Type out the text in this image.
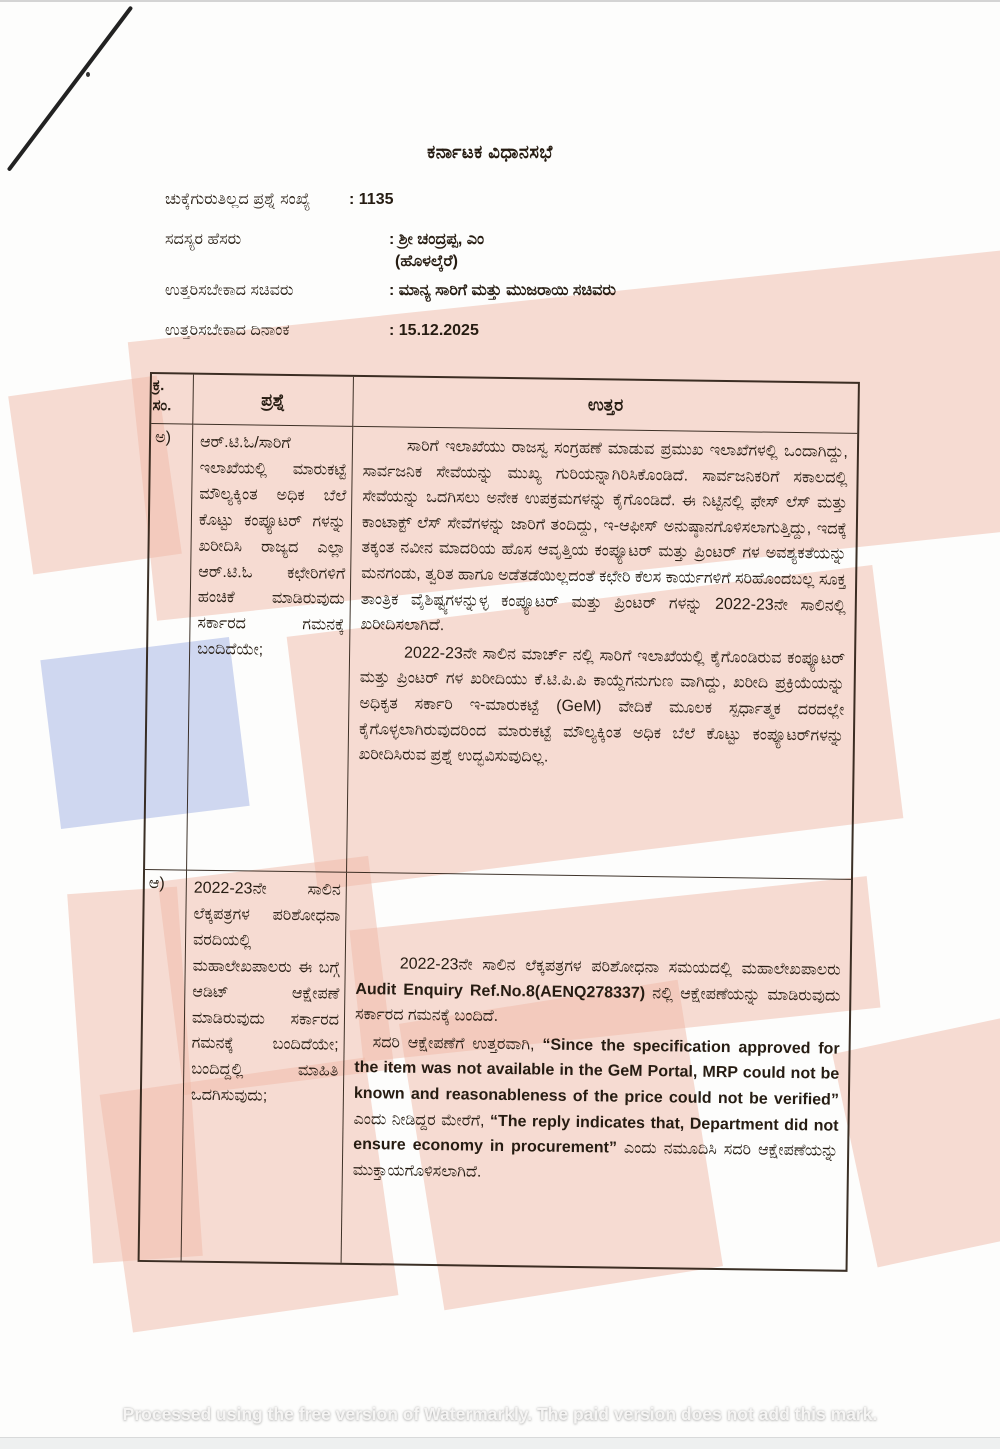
ಕರ್ನಾಟಕ ವಿಧಾನಸಭೆ
ಚುಕ್ಕೆಗುರುತಿಲ್ಲದ ಪ್ರಶ್ನೆ ಸಂಖ್ಯೆ : 1135
ಸದಸ್ಯರ ಹೆಸರು	: ಶ್ರೀ ಚಂದ್ರಪ್ಪ, ಎಂ
(ಹೊಳಲ್ಕೆರೆ)
ಉತ್ತರಿಸಬೇಕಾದ ಸಚಿವರು	: ಮಾನ್ಯ ಸಾರಿಗೆ ಮತ್ತು ಮುಜರಾಯಿ ಸಚಿವರು
ಉತ್ತರಿಸಬೇಕಾದ ದಿನಾಂಕ	: 15.12.2025
ಕ್ರ.
ಸಂ.	ಪ್ರಶ್ನೆ	ಉತ್ತರ
ಅ)	ಆರ್.ಟಿ.ಓ/ಸಾರಿಗೆ ಇಲಾಖೆಯಲ್ಲಿ ಮಾರುಕಟ್ಟೆ ಮೌಲ್ಯಕ್ಕಿಂತ ಅಧಿಕ ಬೆಲೆ ಕೊಟ್ಟು ಕಂಪ್ಯೂಟರ್ ಗಳನ್ನು ಖರೀದಿಸಿ ರಾಜ್ಯದ ಎಲ್ಲಾ ಆರ್.ಟಿ.ಓ ಕಛೇರಿಗಳಿಗೆ ಹಂಚಿಕೆ ಮಾಡಿರುವುದು ಸರ್ಕಾರದ ಗಮನಕ್ಕೆ ಬಂದಿದೆಯೇ;

ಸಾರಿಗೆ ಇಲಾಖೆಯು ರಾಜಸ್ವ ಸಂಗ್ರಹಣೆ ಮಾಡುವ ಪ್ರಮುಖ ಇಲಾಖೆಗಳಲ್ಲಿ ಒಂದಾಗಿದ್ದು, ಸಾರ್ವಜನಿಕ ಸೇವೆಯನ್ನು ಮುಖ್ಯ ಗುರಿಯನ್ನಾಗಿರಿಸಿಕೊಂಡಿದೆ. ಸಾರ್ವಜನಿಕರಿಗೆ ಸಕಾಲದಲ್ಲಿ ಸೇವೆಯನ್ನು ಒದಗಿಸಲು ಅನೇಕ ಉಪಕ್ರಮಗಳನ್ನು ಕೈಗೊಂಡಿದೆ. ಈ ನಿಟ್ಟಿನಲ್ಲಿ ಫೇಸ್ ಲೆಸ್ ಮತ್ತು ಕಾಂಟಾಕ್ಟ್ ಲೆಸ್ ಸೇವೆಗಳನ್ನು ಜಾರಿಗೆ ತಂದಿದ್ದು, ಇ-ಆಫೀಸ್ ಅನುಷ್ಠಾನಗೊಳಿಸಲಾಗುತ್ತಿದ್ದು, ಇದಕ್ಕೆ ತಕ್ಕಂತ ನವೀನ ಮಾದರಿಯ ಹೊಸ ಆವೃತ್ತಿಯ ಕಂಪ್ಯೂಟರ್ ಮತ್ತು ಪ್ರಿಂಟರ್ ಗಳ ಅವಶ್ಯಕತೆಯನ್ನು ಮನಗಂಡು, ತ್ವರಿತ ಹಾಗೂ ಅಡೆತಡೆಯಿಲ್ಲದಂತೆ ಕಛೇರಿ ಕೆಲಸ ಕಾರ್ಯಗಳಿಗೆ ಸರಿಹೊಂದಬಲ್ಲ ಸೂಕ್ತ ತಾಂತ್ರಿಕ ವೈಶಿಷ್ಟ್ಯಗಳನ್ನುಳ್ಳ ಕಂಪ್ಯೂಟರ್ ಮತ್ತು ಪ್ರಿಂಟರ್ ಗಳನ್ನು 2022-23ನೇ ಸಾಲಿನಲ್ಲಿ ಖರೀದಿಸಲಾಗಿದೆ.

2022-23ನೇ ಸಾಲಿನ ಮಾರ್ಚ್ ನಲ್ಲಿ ಸಾರಿಗೆ ಇಲಾಖೆಯಲ್ಲಿ ಕೈಗೊಂಡಿರುವ ಕಂಪ್ಯೂಟರ್ ಮತ್ತು ಪ್ರಿಂಟರ್ ಗಳ ಖರೀದಿಯು ಕೆ.ಟಿ.ಪಿ.ಪಿ ಕಾಯ್ದೆಗನುಗುಣ ವಾಗಿದ್ದು, ಖರೀದಿ ಪ್ರಕ್ರಿಯೆಯನ್ನು ಅಧಿಕೃತ ಸರ್ಕಾರಿ ಇ-ಮಾರುಕಟ್ಟೆ (GeM) ವೇದಿಕೆ ಮೂಲಕ ಸ್ಪರ್ಧಾತ್ಮಕ ದರದಲ್ಲೇ ಕೈಗೊಳ್ಳಲಾಗಿರುವುದರಿಂದ ಮಾರುಕಟ್ಟೆ ಮೌಲ್ಯಕ್ಕಿಂತ ಅಧಿಕ ಬೆಲೆ ಕೊಟ್ಟು ಕಂಪ್ಯೂಟರ್‌ಗಳನ್ನು ಖರೀದಿಸಿರುವ ಪ್ರಶ್ನೆ ಉದ್ಭವಿಸುವುದಿಲ್ಲ.

ಆ)	2022-23ನೇ ಸಾಲಿನ ಲೆಕ್ಕಪತ್ರಗಳ ಪರಿಶೋಧನಾ ವರದಿಯಲ್ಲಿ ಮಹಾಲೇಖಪಾಲರು ಈ ಬಗ್ಗೆ ಆಡಿಟ್ ಆಕ್ಷೇಪಣೆ ಮಾಡಿರುವುದು ಸರ್ಕಾರದ ಗಮನಕ್ಕೆ ಬಂದಿದೆಯೇ; ಬಂದಿದ್ದಲ್ಲಿ ಮಾಹಿತಿ ಒದಗಿಸುವುದು;

2022-23ನೇ ಸಾಲಿನ ಲೆಕ್ಕಪತ್ರಗಳ ಪರಿಶೋಧನಾ ಸಮಯದಲ್ಲಿ ಮಹಾಲೇಖಪಾಲರು Audit Enquiry Ref.No.8(AENQ278337) ನಲ್ಲಿ ಆಕ್ಷೇಪಣೆಯನ್ನು ಮಾಡಿರುವುದು ಸರ್ಕಾರದ ಗಮನಕ್ಕೆ ಬಂದಿದೆ.

ಸದರಿ ಆಕ್ಷೇಪಣೆಗೆ ಉತ್ತರವಾಗಿ, “Since the specification approved for the item was not available in the GeM Portal, MRP could not be known and reasonableness of the price could not be verified” ಎಂದು ನೀಡಿದ್ದರ ಮೇರೆಗೆ, “The reply indicates that, Department did not ensure economy in procurement” ಎಂದು ನಮೂದಿಸಿ ಸದರಿ ಆಕ್ಷೇಪಣೆಯನ್ನು ಮುಕ್ತಾಯಗೊಳಿಸಲಾಗಿದೆ.

Processed using the free version of Watermarkly. The paid version does not add this mark.
